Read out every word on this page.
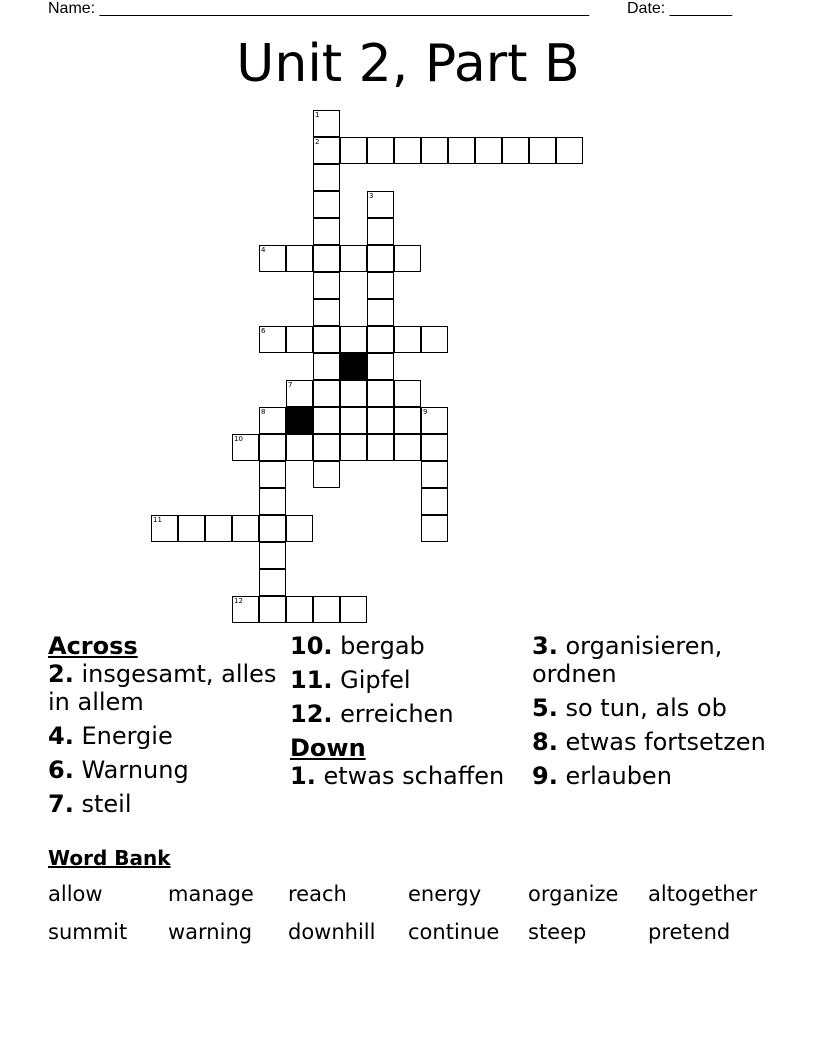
Name: _______________________________________________________ Date: _______
Unit 2, Part B
1
2
3
4
6
7
8	9
10
11
12
Across
2. insgesamt, alles in allem
4. Energie
6. Warnung
7. steil
10. bergab
11. Gipfel
12. erreichen
Down
1. etwas schaffen
3. organisieren, ordnen
5. so tun, als ob
8. etwas fortsetzen
9. erlauben
Word Bank
allow	manage reach	energy organize altogether
summit warning downhill continue steep	pretend
